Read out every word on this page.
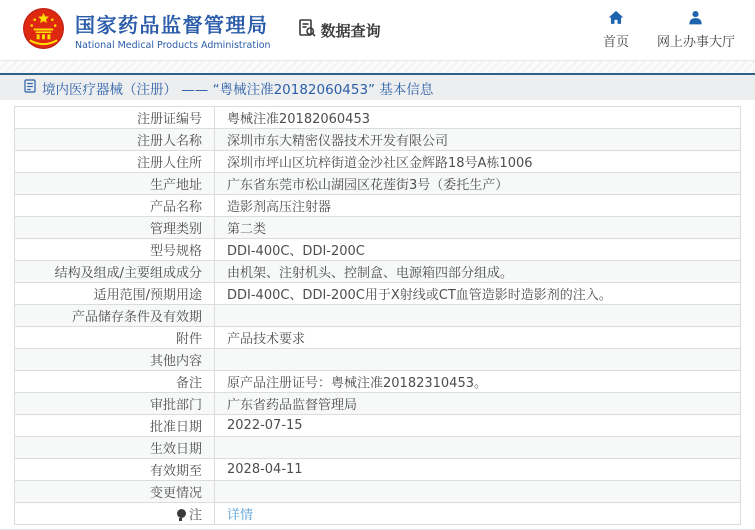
国家药品监督管理局
National Medical Products Administration
数据查询
首页 网上办事大厅
境内医疗器械（注册） —— “粤械注准20182060453” 基本信息
注册证编号	粤械注准20182060453
注册人名称	深圳市东大精密仪器技术开发有限公司
注册人住所	深圳市坪山区坑梓街道金沙社区金辉路18号A栋1006
生产地址	广东省东莞市松山湖园区花莲街3号（委托生产）
产品名称	造影剂高压注射器
管理类别	第二类
型号规格	DDI-400C、DDI-200C
结构及组成/主要组成成分	由机架、注射机头、控制盒、电源箱四部分组成。
适用范围/预期用途	DDI-400C、DDI-200C用于X射线或CT血管造影时造影剂的注入。
产品储存条件及有效期	
附件	产品技术要求
其他内容	
备注	原产品注册证号：粤械注准20182310453。
审批部门	广东省药品监督管理局
批准日期	2022-07-15
生效日期	
有效期至	2028-04-11
变更情况	
注	详情
